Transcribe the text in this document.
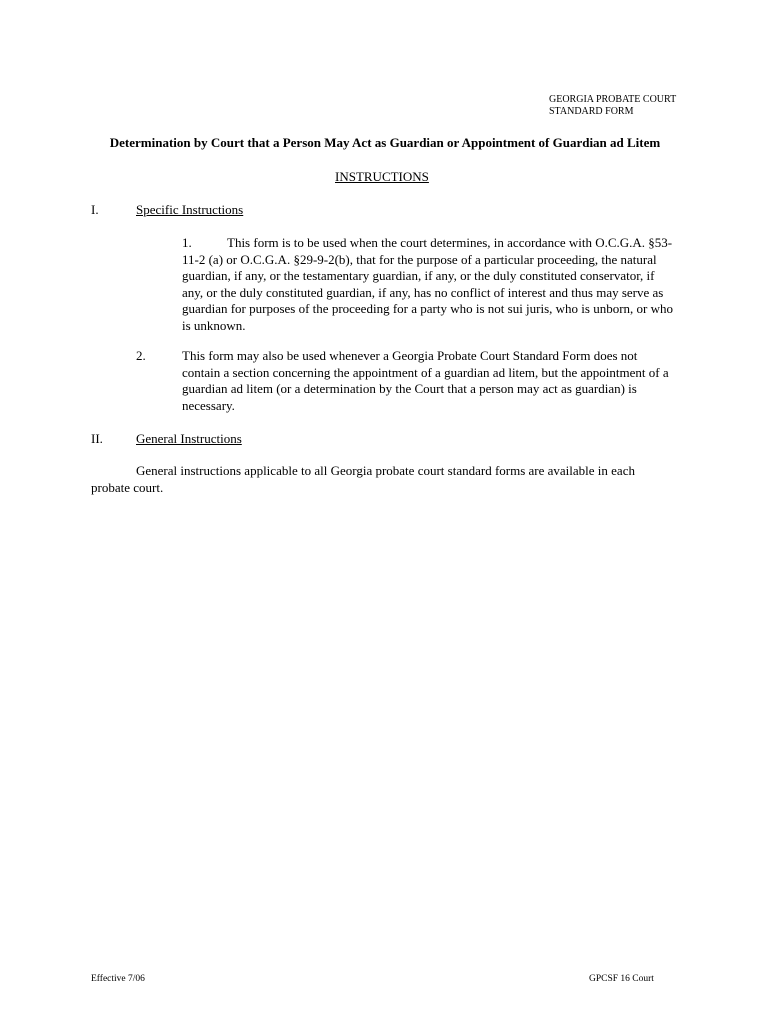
GEORGIA PROBATE COURT
STANDARD FORM
Determination by Court that a Person May Act as Guardian or Appointment of Guardian ad Litem
INSTRUCTIONS
I.	Specific Instructions
1.	This form is to be used when the court determines, in accordance with O.C.G.A. §53-11-2 (a) or O.C.G.A. §29-9-2(b), that for the purpose of a particular proceeding, the natural guardian, if any, or the testamentary guardian, if any, or the duly constituted conservator, if any, or the duly constituted guardian, if any, has no conflict of interest and thus may serve as guardian for purposes of the proceeding for a party who is not sui juris, who is unborn, or who is unknown.
2.	This form may also be used whenever a Georgia Probate Court Standard Form does not contain a section concerning the appointment of a guardian ad litem, but the appointment of a guardian ad litem (or a determination by the Court that a person may act as guardian) is necessary.
II.	General Instructions
General instructions applicable to all Georgia probate court standard forms are available in each probate court.
Effective 7/06	GPCSF 16 Court
